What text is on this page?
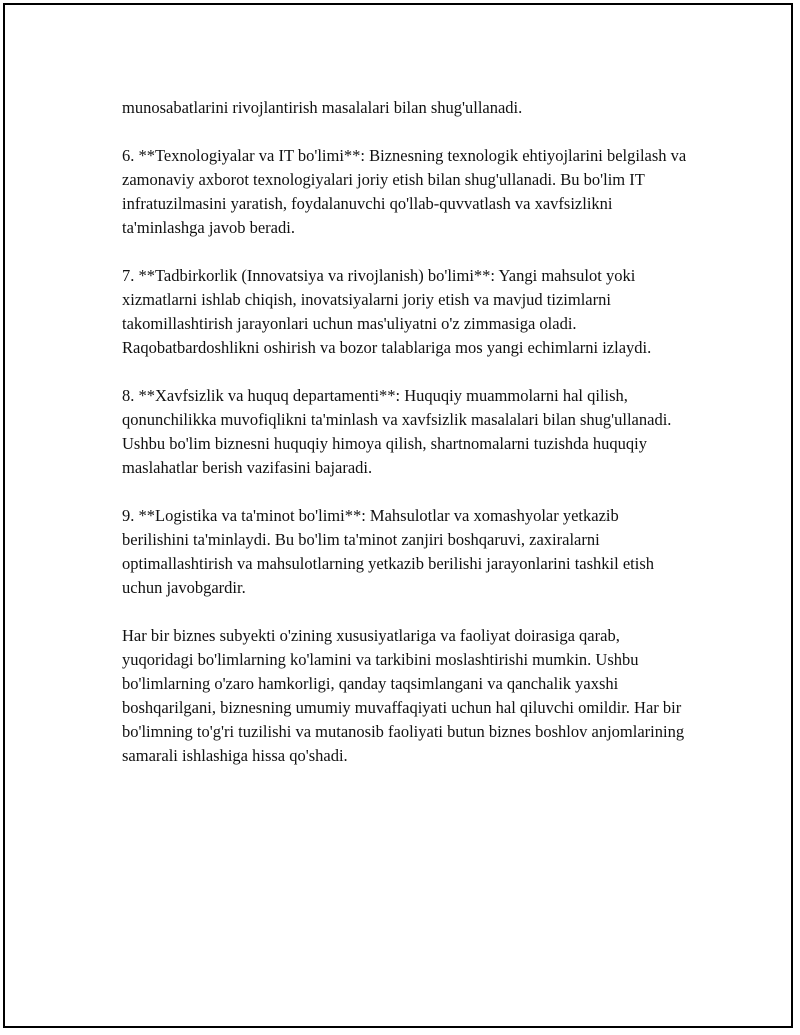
munosabatlarini rivojlantirish masalalari bilan shug'ullanadi.

6. **Texnologiyalar va IT bo'limi**: Biznesning texnologik ehtiyojlarini belgilash va zamonaviy axborot texnologiyalari joriy etish bilan shug'ullanadi. Bu bo'lim IT infratuzilmasini yaratish, foydalanuvchi qo'llab-quvvatlash va xavfsizlikni ta'minlashga javob beradi.

7. **Tadbirkorlik (Innovatsiya va rivojlanish) bo'limi**: Yangi mahsulot yoki xizmatlarni ishlab chiqish, inovatsiyalarni joriy etish va mavjud tizimlarni takomillashtirish jarayonlari uchun mas'uliyatni o'z zimmasiga oladi. Raqobatbardoshlikni oshirish va bozor talablariga mos yangi echimlarni izlaydi.

8. **Xavfsizlik va huquq departamenti**: Huquqiy muammolarni hal qilish, qonunchilikka muvofiqlikni ta'minlash va xavfsizlik masalalari bilan shug'ullanadi. Ushbu bo'lim biznesni huquqiy himoya qilish, shartnomalarni tuzishda huquqiy maslahatlar berish vazifasini bajaradi.

9. **Logistika va ta'minot bo'limi**: Mahsulotlar va xomashyolar yetkazib berilishini ta'minlaydi. Bu bo'lim ta'minot zanjiri boshqaruvi, zaxiralarni optimallashtirish va mahsulotlarning yetkazib berilishi jarayonlarini tashkil etish uchun javobgardir.

Har bir biznes subyekti o'zining xususiyatlariga va faoliyat doirasiga qarab, yuqoridagi bo'limlarning ko'lamini va tarkibini moslashtirishi mumkin. Ushbu bo'limlarning o'zaro hamkorligi, qanday taqsimlangani va qanchalik yaxshi boshqarilgani, biznesning umumiy muvaffaqiyati uchun hal qiluvchi omildir. Har bir bo'limning to'g'ri tuzilishi va mutanosib faoliyati butun biznes boshlov anjomlarining samarali ishlashiga hissa qo'shadi.
